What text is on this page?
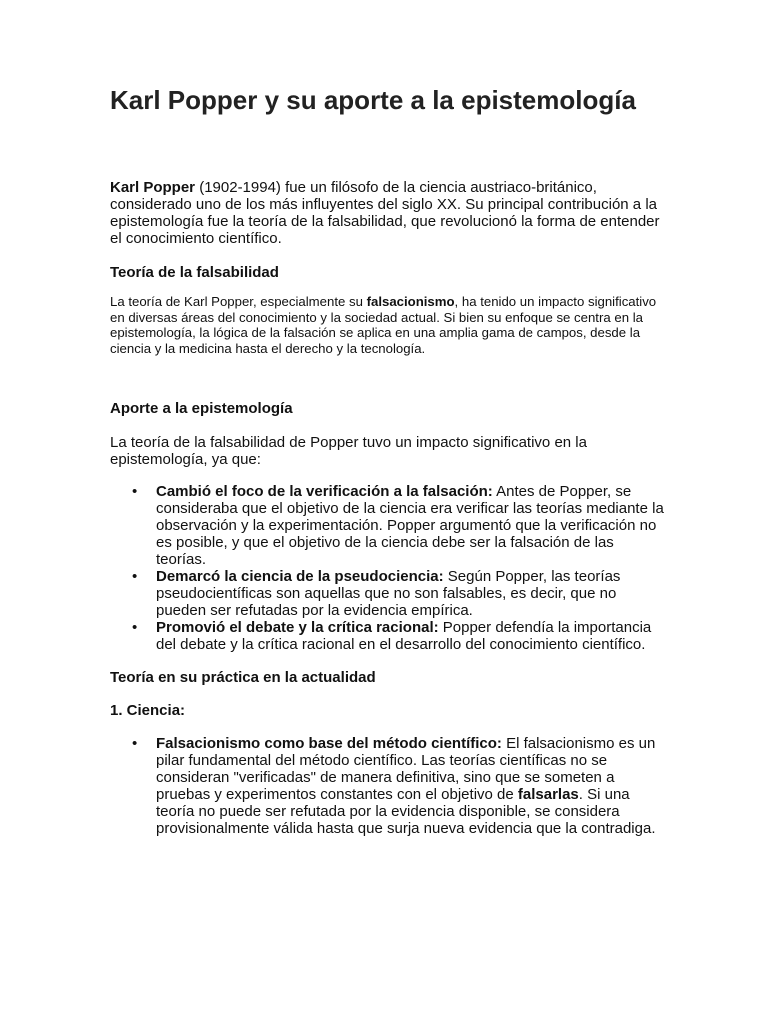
Karl Popper y su aporte a la epistemología

Karl Popper (1902-1994) fue un filósofo de la ciencia austriaco-británico, considerado uno de los más influyentes del siglo XX. Su principal contribución a la epistemología fue la teoría de la falsabilidad, que revolucionó la forma de entender el conocimiento científico.

Teoría de la falsabilidad

La teoría de Karl Popper, especialmente su falsacionismo, ha tenido un impacto significativo en diversas áreas del conocimiento y la sociedad actual. Si bien su enfoque se centra en la epistemología, la lógica de la falsación se aplica en una amplia gama de campos, desde la ciencia y la medicina hasta el derecho y la tecnología.

Aporte a la epistemología

La teoría de la falsabilidad de Popper tuvo un impacto significativo en la epistemología, ya que:

• Cambió el foco de la verificación a la falsación: Antes de Popper, se consideraba que el objetivo de la ciencia era verificar las teorías mediante la observación y la experimentación. Popper argumentó que la verificación no es posible, y que el objetivo de la ciencia debe ser la falsación de las teorías.
• Demarcó la ciencia de la pseudociencia: Según Popper, las teorías pseudocientíficas son aquellas que no son falsables, es decir, que no pueden ser refutadas por la evidencia empírica.
• Promovió el debate y la crítica racional: Popper defendía la importancia del debate y la crítica racional en el desarrollo del conocimiento científico.
Teoría en su práctica en la actualidad
1. Ciencia:
• Falsacionismo como base del método científico: El falsacionismo es un pilar fundamental del método científico. Las teorías científicas no se consideran "verificadas" de manera definitiva, sino que se someten a pruebas y experimentos constantes con el objetivo de falsarlas. Si una teoría no puede ser refutada por la evidencia disponible, se considera provisionalmente válida hasta que surja nueva evidencia que la contradiga.
